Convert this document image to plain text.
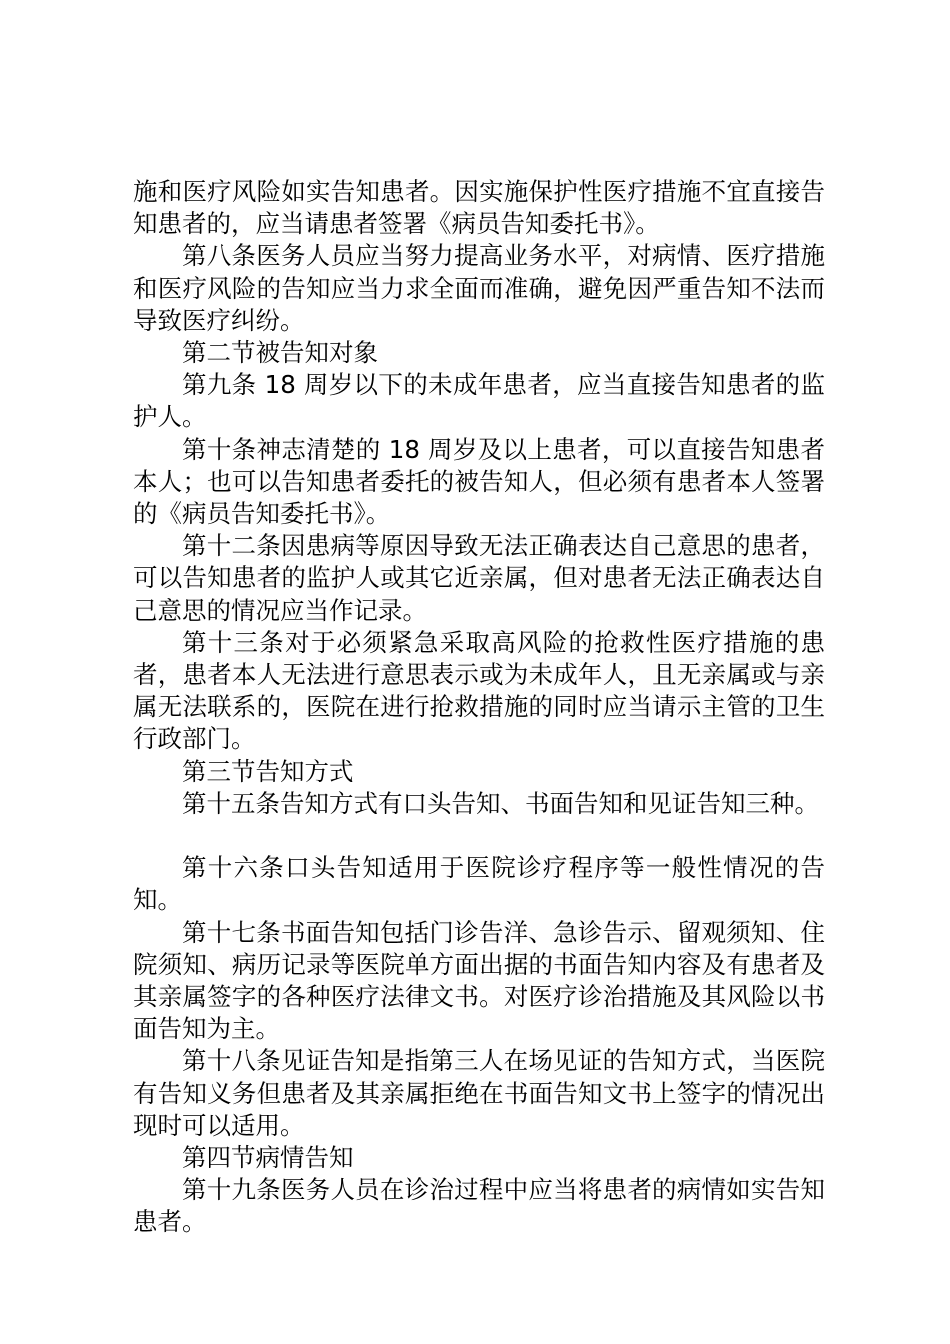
施和医疗风险如实告知患者。因实施保护性医疗措施不宜直接告知患者的，应当请患者签署《病员告知委托书》。

第八条医务人员应当努力提高业务水平，对病情、医疗措施和医疗风险的告知应当力求全面而准确，避免因严重告知不法而导致医疗纠纷。

第二节被告知对象

第九条 18 周岁以下的未成年患者，应当直接告知患者的监护人。

第十条神志清楚的 18 周岁及以上患者，可以直接告知患者本人；也可以告知患者委托的被告知人，但必须有患者本人签署的《病员告知委托书》。

第十二条因患病等原因导致无法正确表达自己意思的患者，可以告知患者的监护人或其它近亲属，但对患者无法正确表达自己意思的情况应当作记录。

第十三条对于必须紧急采取高风险的抢救性医疗措施的患者，患者本人无法进行意思表示或为未成年人，且无亲属或与亲属无法联系的，医院在进行抢救措施的同时应当请示主管的卫生行政部门。

第三节告知方式

第十五条告知方式有口头告知、书面告知和见证告知三种。

第十六条口头告知适用于医院诊疗程序等一般性情况的告知。

第十七条书面告知包括门诊告洋、急诊告示、留观须知、住院须知、病历记录等医院单方面出据的书面告知内容及有患者及其亲属签字的各种医疗法律文书。对医疗诊治措施及其风险以书面告知为主。

第十八条见证告知是指第三人在场见证的告知方式，当医院有告知义务但患者及其亲属拒绝在书面告知文书上签字的情况出现时可以适用。

第四节病情告知

第十九条医务人员在诊治过程中应当将患者的病情如实告知患者。
